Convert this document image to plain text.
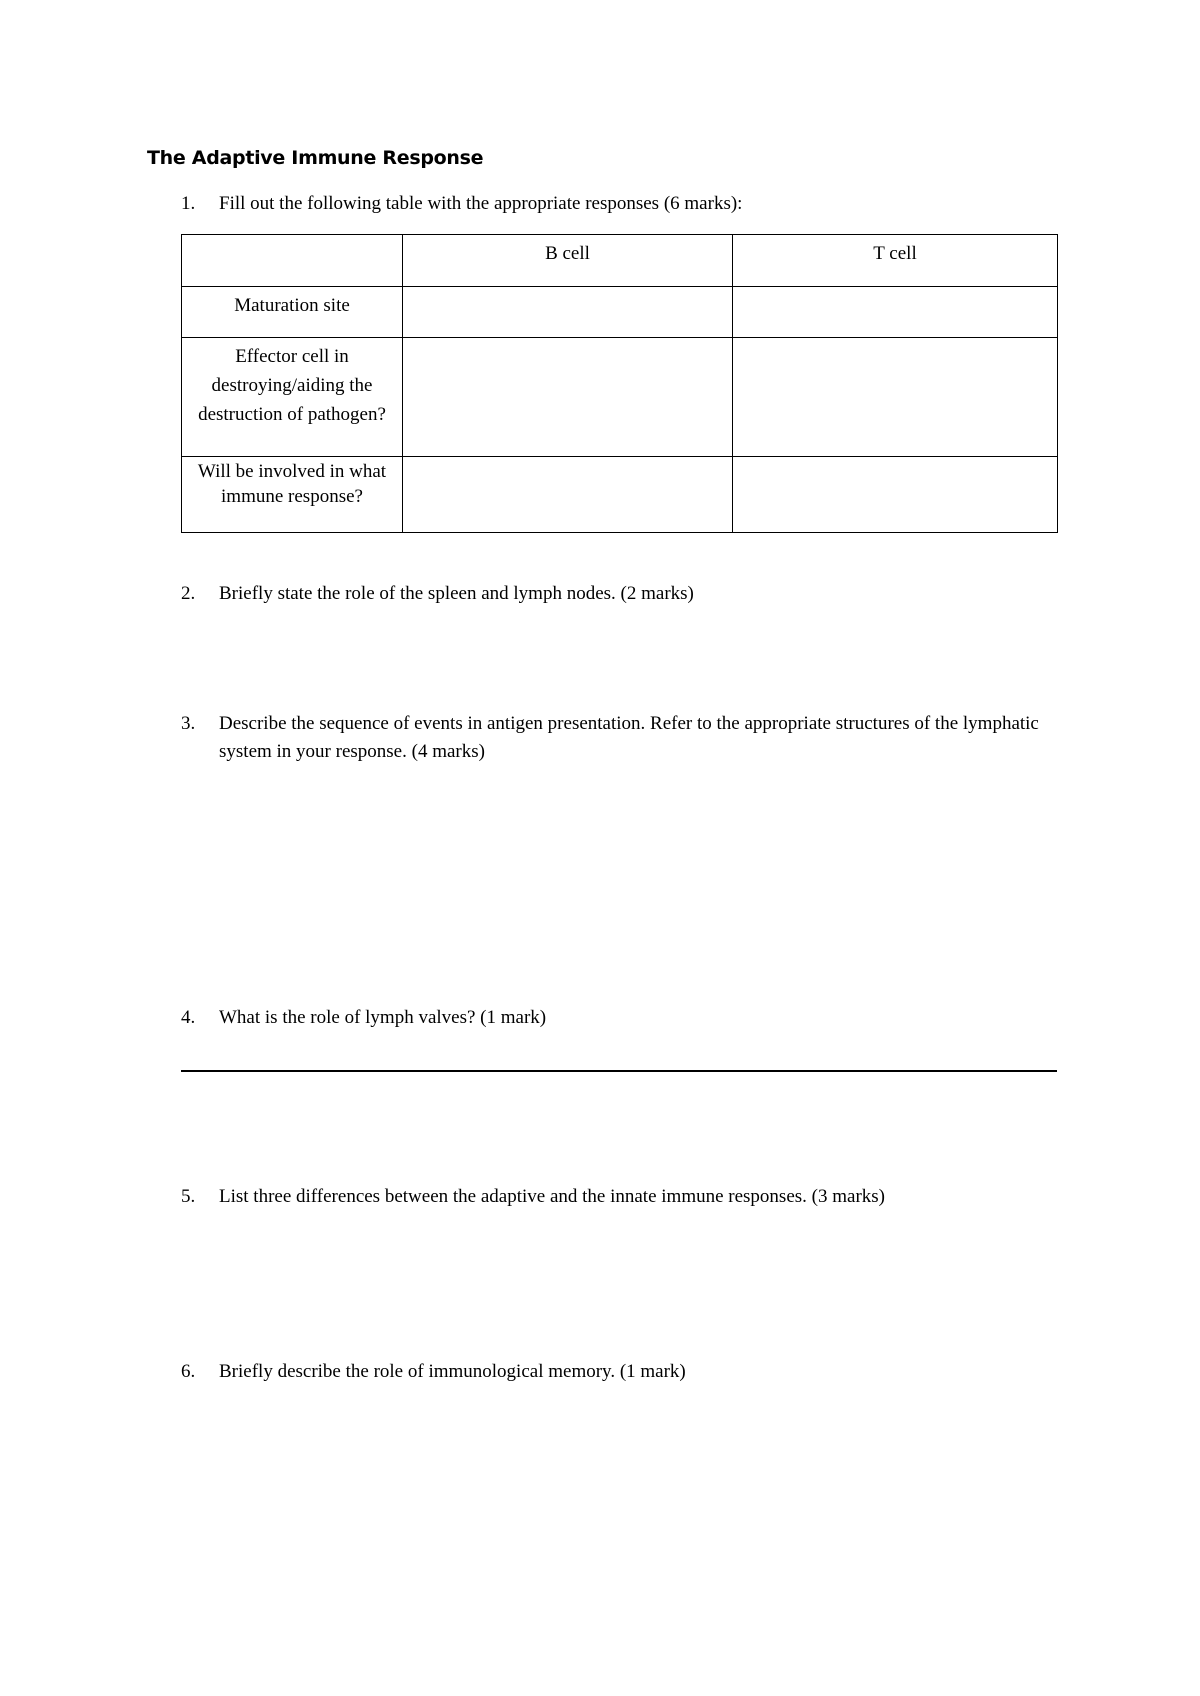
The Adaptive Immune Response
1. Fill out the following table with the appropriate responses (6 marks):
	B cell	T cell
Maturation site		
Effector cell in destroying/aiding the destruction of pathogen?		
Will be involved in what immune response?		
2. Briefly state the role of the spleen and lymph nodes. (2 marks)
3. Describe the sequence of events in antigen presentation. Refer to the appropriate structures of the lymphatic system in your response. (4 marks)
4. What is the role of lymph valves? (1 mark)
5. List three differences between the adaptive and the innate immune responses. (3 marks)
6. Briefly describe the role of immunological memory. (1 mark)
